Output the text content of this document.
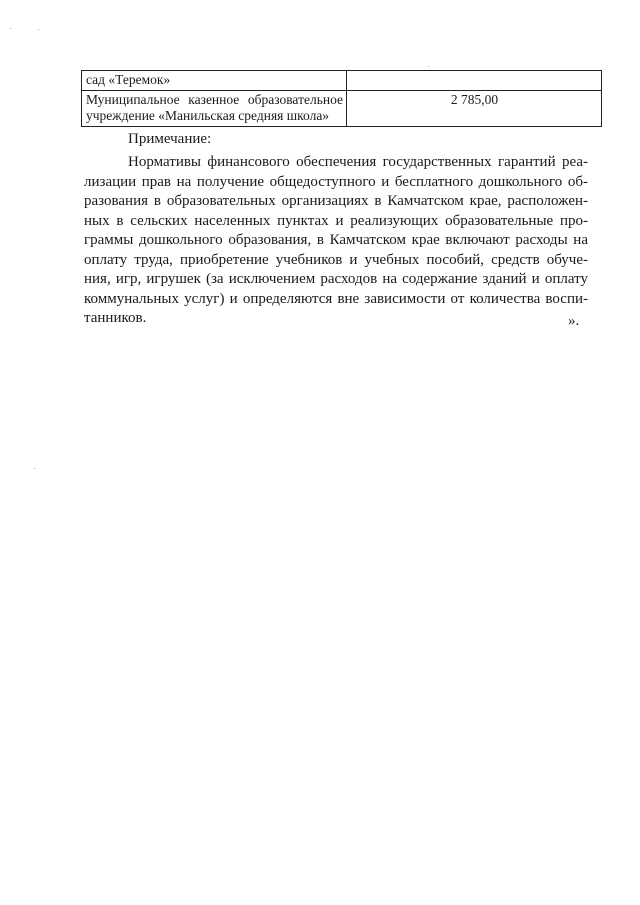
сад «Теремок»	

Муниципальное казенное образовательное
учреждение «Манильская средняя школа»	2 785,00
Примечание:
Нормативы финансового обеспечения государственных гарантий реа-
лизации прав на получение общедоступного и бесплатного дошкольного об-
разования в образовательных организациях в Камчатском крае, расположен-
ных в сельских населенных пунктах и реализующих образовательные про-
граммы дошкольного образования, в Камчатском крае включают расходы на
оплату труда, приобретение учебников и учебных пособий, средств обуче-
ния, игр, игрушек (за исключением расходов на содержание зданий и оплату
коммунальных услуг) и определяются вне зависимости от количества воспи-
танников.	».
